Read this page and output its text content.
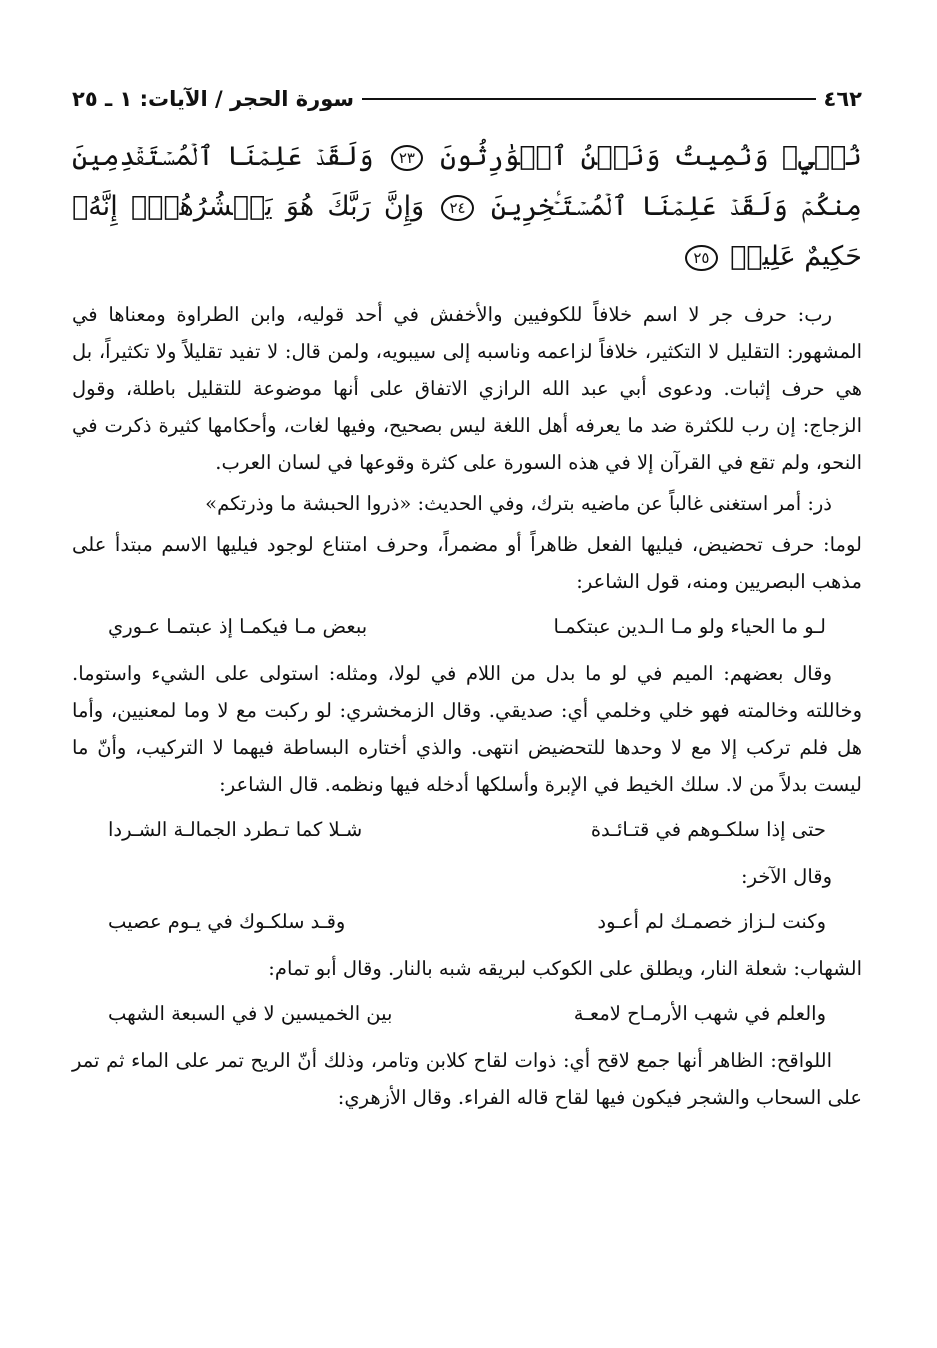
٤٦٢
سورة الحجر / الآيات: ١ ـ ٢٥
نُحۡيِۦ وَنُمِيتُ وَنَحۡنُ ٱلۡوَٰرِثُونَ ٢٣ وَلَقَدۡ عَلِمۡنَا ٱلۡمُسۡتَقۡدِمِينَ مِنكُمۡ وَلَقَدۡ عَلِمۡنَا ٱلۡمُسۡتَـٔۡخِرِينَ ٢٤ وَإِنَّ رَبَّكَ هُوَ يَحۡشُرُهُمۡۚ إِنَّهُۥ حَكِيمٌ عَلِيمٞ ٢٥

رب: حرف جر لا اسم خلافاً للكوفيين والأخفش في أحد قوليه، وابن الطراوة ومعناها في المشهور: التقليل لا التكثير، خلافاً لزاعمه وناسبه إلى سيبويه، ولمن قال: لا تفيد تقليلاً ولا تكثيراً، بل هي حرف إثبات. ودعوى أبي عبد الله الرازي الاتفاق على أنها موضوعة للتقليل باطلة، وقول الزجاج: إن رب للكثرة ضد ما يعرفه أهل اللغة ليس بصحيح، وفيها لغات، وأحكامها كثيرة ذكرت في النحو، ولم تقع في القرآن إلا في هذه السورة على كثرة وقوعها في لسان العرب.

ذر: أمر استغنى غالباً عن ماضيه بترك، وفي الحديث: «ذروا الحبشة ما وذرتكم»

لوما: حرف تحضيض، فيليها الفعل ظاهراً أو مضمراً، وحرف امتناع لوجود فيليها الاسم مبتدأ على مذهب البصريين ومنه، قول الشاعر:

لـو ما الحياء ولو مـا الـدين عبتكمـا
ببعض مـا فيكمـا إذ عبتمـا عـوري

وقال بعضهم: الميم في لو ما بدل من اللام في لولا، ومثله: استولى على الشيء واستوما. وخاللته وخالمته فهو خلي وخلمي أي: صديقي. وقال الزمخشري: لو ركبت مع لا وما لمعنيين، وأما هل فلم تركب إلا مع لا وحدها للتحضيض انتهى. والذي أختاره البساطة فيهما لا التركيب، وأنّ ما ليست بدلاً من لا. سلك الخيط في الإبرة وأسلكها أدخله فيها ونظمه. قال الشاعر:

حتى إذا سلكـوهم في قتـائـدة
شـلا كما تـطرد الجمالـة الشـردا

وقال الآخر:

وكنت لـزاز خصمـك لم أعـود
وقـد سلكـوك في يـوم عصيب

الشهاب: شعلة النار، ويطلق على الكوكب لبريقه شبه بالنار. وقال أبو تمام:

والعلم في شهب الأرمـاح لامعـة
بين الخميسين لا في السبعة الشهب

اللواقح: الظاهر أنها جمع لاقح أي: ذوات لقاح كلابن وتامر، وذلك أنّ الريح تمر على الماء ثم تمر على السحاب والشجر فيكون فيها لقاح قاله الفراء. وقال الأزهري:
